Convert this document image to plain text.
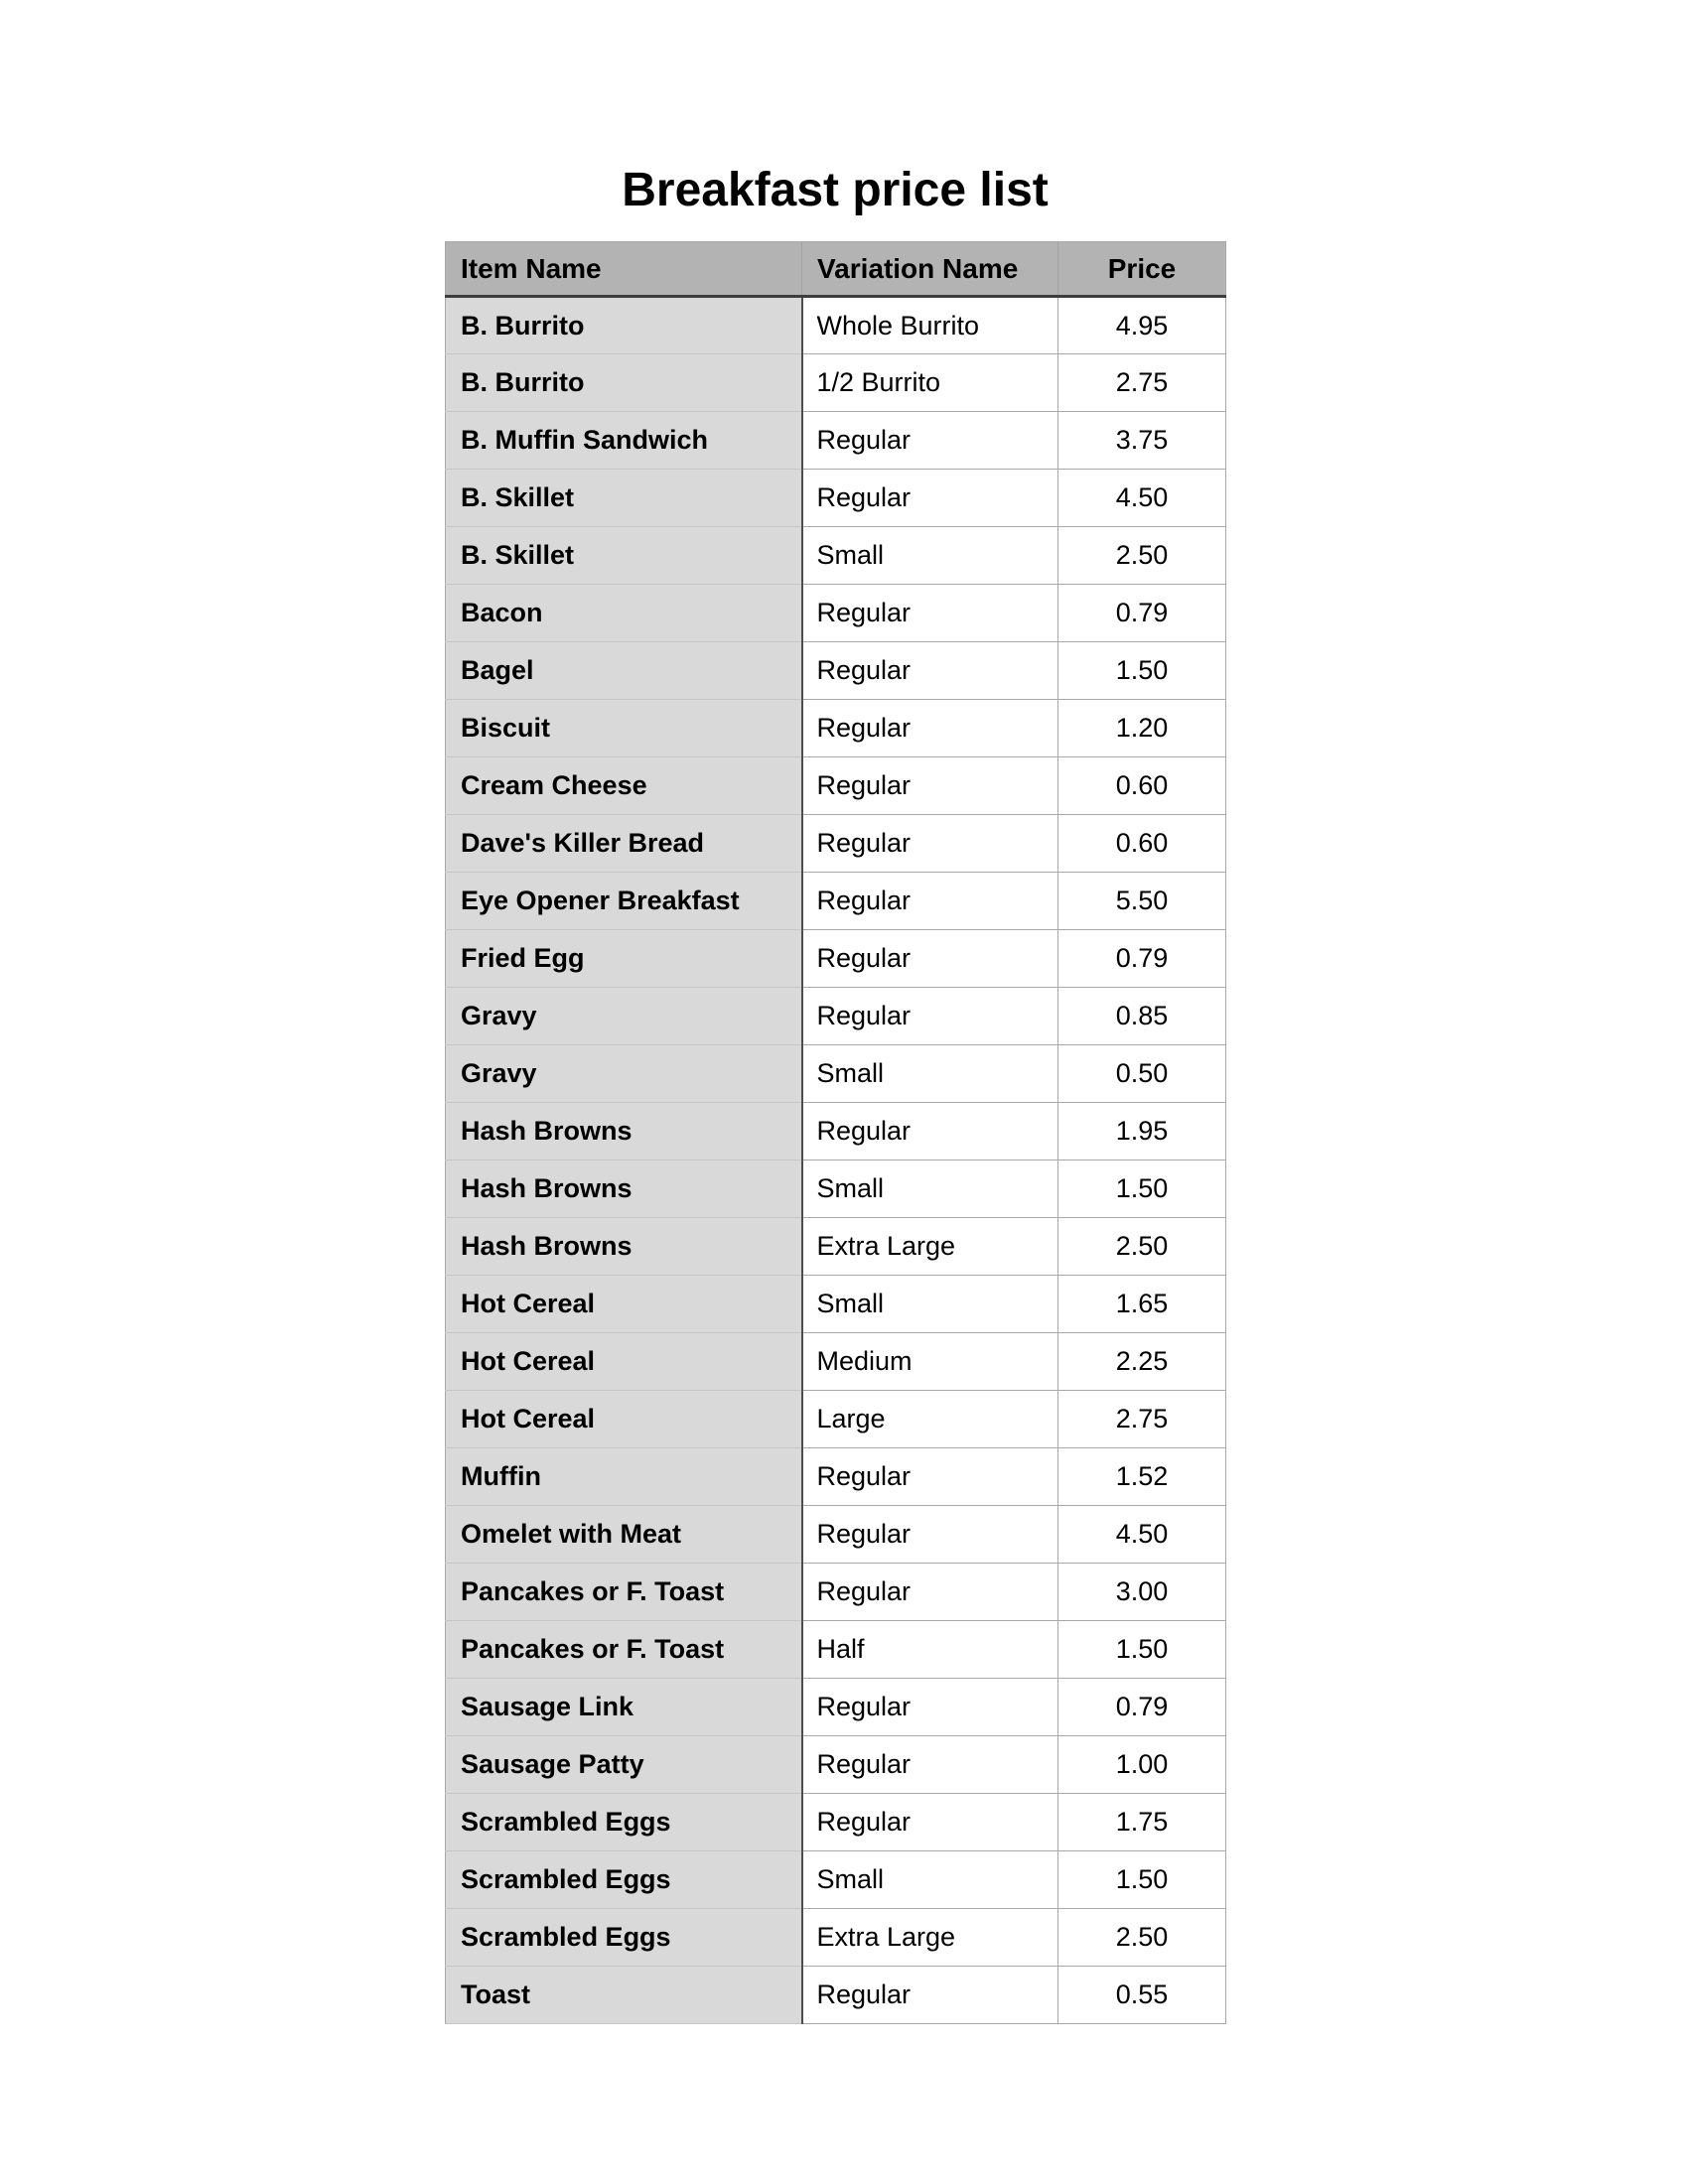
Breakfast price list
Item Name	Variation Name	Price
B. Burrito	Whole Burrito	4.95
B. Burrito	1/2 Burrito	2.75
B. Muffin Sandwich	Regular	3.75
B. Skillet	Regular	4.50
B. Skillet	Small	2.50
Bacon	Regular	0.79
Bagel	Regular	1.50
Biscuit	Regular	1.20
Cream Cheese	Regular	0.60
Dave's Killer Bread	Regular	0.60
Eye Opener Breakfast	Regular	5.50
Fried Egg	Regular	0.79
Gravy	Regular	0.85
Gravy	Small	0.50
Hash Browns	Regular	1.95
Hash Browns	Small	1.50
Hash Browns	Extra Large	2.50
Hot Cereal	Small	1.65
Hot Cereal	Medium	2.25
Hot Cereal	Large	2.75
Muffin	Regular	1.52
Omelet with Meat	Regular	4.50
Pancakes or F. Toast	Regular	3.00
Pancakes or F. Toast	Half	1.50
Sausage Link	Regular	0.79
Sausage Patty	Regular	1.00
Scrambled Eggs	Regular	1.75
Scrambled Eggs	Small	1.50
Scrambled Eggs	Extra Large	2.50
Toast	Regular	0.55
